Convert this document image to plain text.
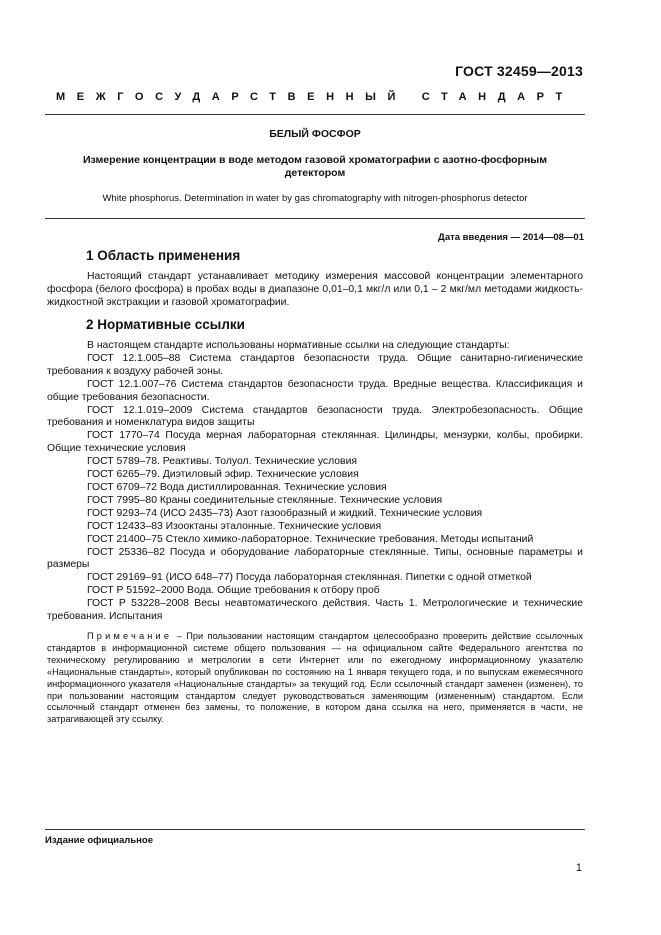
ГОСТ 32459—2013
МЕЖГОСУДАРСТВЕННЫЙ СТАНДАРТ
БЕЛЫЙ ФОСФОР
Измерение концентрации в воде методом газовой хроматографии с азотно-фосфорным детектором
White phosphorus. Determination in water by gas chromatography with nitrogen-phosphorus detector
Дата введения — 2014—08—01
1 Область применения

Настоящий стандарт устанавливает методику измерения массовой концентрации элементарного фосфора (белого фосфора) в пробах воды в диапазоне 0,01–0,1 мкг/л или 0,1 – 2 мкг/мл методами жидкость-жидкостной экстракции и газовой хроматографии.

2 Нормативные ссылки

В настоящем стандарте использованы нормативные ссылки на следующие стандарты:

ГОСТ 12.1.005–88 Система стандартов безопасности труда. Общие санитарно-гигиенические требования к воздуху рабочей зоны.

ГОСТ 12.1.007–76 Система стандартов безопасности труда. Вредные вещества. Классификация и общие требования безопасности.

ГОСТ 12.1.019–2009 Система стандартов безопасности труда. Электробезопасность. Общие требования и номенклатура видов защиты

ГОСТ 1770–74 Посуда мерная лабораторная стеклянная. Цилиндры, мензурки, колбы, пробирки. Общие технические условия

ГОСТ 5789–78. Реактивы. Толуол. Технические условия

ГОСТ 6265–79. Диэтиловый эфир. Технические условия

ГОСТ 6709–72 Вода дистиллированная. Технические условия

ГОСТ 7995–80 Краны соединительные стеклянные. Технические условия

ГОСТ 9293–74 (ИСО 2435–73) Азот газообразный и жидкий. Технические условия

ГОСТ 12433–83 Изооктаны эталонные. Технические условия

ГОСТ 21400–75 Стекло химико-лабораторное. Технические требования. Методы испытаний

ГОСТ 25336–82 Посуда и оборудование лабораторные стеклянные. Типы, основные параметры и размеры

ГОСТ 29169–91 (ИСО 648–77) Посуда лабораторная стеклянная. Пипетки с одной отметкой

ГОСТ Р 51592–2000 Вода. Общие требования к отбору проб

ГОСТ Р 53228–2008 Весы неавтоматического действия. Часть 1. Метрологические и технические требования. Испытания

Примечание – При пользовании настоящим стандартом целесообразно проверить действие ссылочных стандартов в информационной системе общего пользования — на официальном сайте Федерального агентства по техническому регулированию и метрологии в сети Интернет или по ежегодному информационному указателю «Национальные стандарты», который опубликован по состоянию на 1 января текущего года, и по выпускам ежемесячного информационного указателя «Национальные стандарты» за текущий год. Если ссылочный стандарт заменен (изменен), то при пользовании настоящим стандартом следует руководствоваться заменяющим (измененным) стандартом. Если ссылочный стандарт отменен без замены, то положение, в котором дана ссылка на него, применяется в части, не затрагивающей эту ссылку.

Издание официальное
1
